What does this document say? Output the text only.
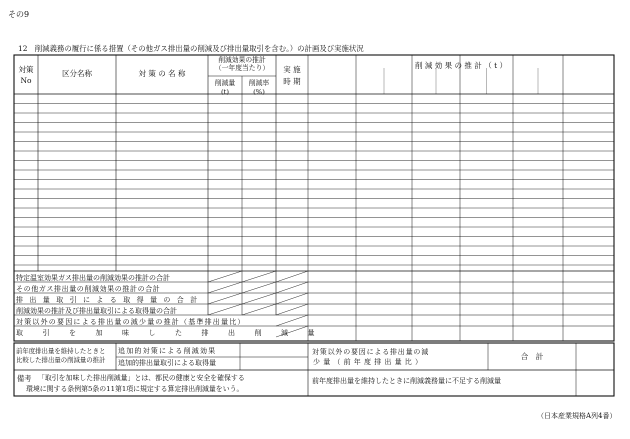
その9
12　削減義務の履行に係る措置（その他ガス排出量の削減及び排出量取引を含む。）の計画及び実施状況
対策
No
区分名称	対 策 の 名 称
削減効果の推計
（一年度当たり）
削減量
(t)
削減率
(%)
実 施
時 期
削 減 効 果 の 推 計 （ t ）
特定温室効果ガス排出量の削減効果の推計の合計
その他ガス排出量の削減効果の推計の合計
排出量取引による取得量の合計
削減効果の推計及び排出量取引による取得量の合計
対策以外の要因による排出量の減少量の推計（基準排出量比）
取引を加味した排出削減量
前年度排出量を維持したときと
比較した排出量の削減量の推計
追加的対策による削減効果
追加的排出量取引による取得量
対策以外の要因による排出量の減
少量（前年度排出量比）
合　計
前年度排出量を維持したときに削減義務量に不足する削減量
備考 「取引を加味した排出削減量」とは、都民の健康と安全を確保する
環境に関する条例第5条の11第1項に規定する算定排出削減量をいう。
（日本産業規格A列4番）
